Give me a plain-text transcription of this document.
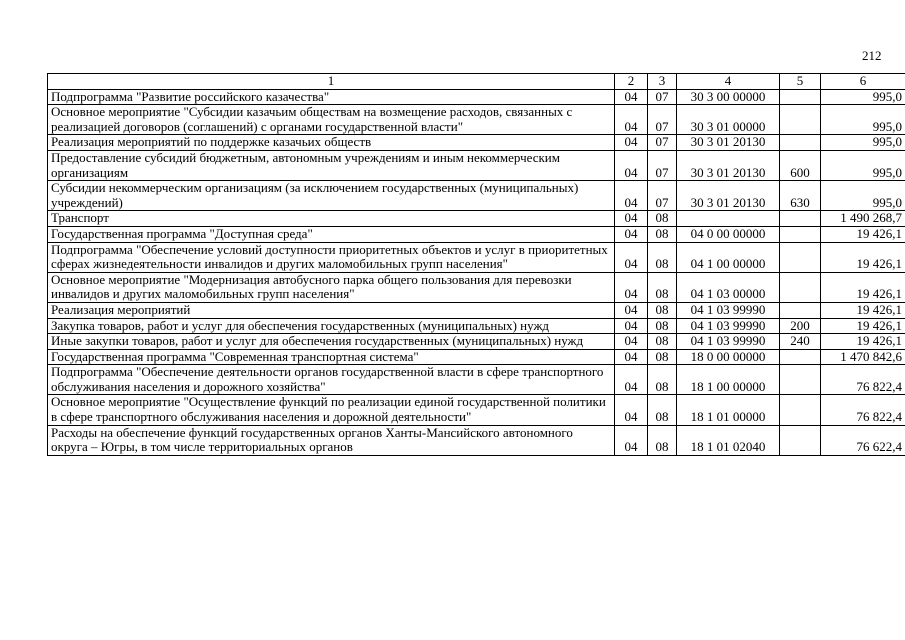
212
1	2	3	4	5	6
Подпрограмма "Развитие российского казачества"	04	07	30 3 00 00000		995,0
Основное мероприятие "Субсидии казачьим обществам на возмещение расходов, связанных с реализацией договоров (соглашений) с органами государственной власти"	04	07	30 3 01 00000		995,0
Реализация мероприятий по поддержке казачьих обществ	04	07	30 3 01 20130		995,0
Предоставление субсидий бюджетным, автономным учреждениям и иным некоммерческим организациям	04	07	30 3 01 20130	600	995,0
Субсидии некоммерческим организациям (за исключением государственных (муниципальных) учреждений)	04	07	30 3 01 20130	630	995,0
Транспорт	04	08			1 490 268,7
Государственная программа "Доступная среда"	04	08	04 0 00 00000		19 426,1
Подпрограмма "Обеспечение условий доступности приоритетных объектов и услуг в приоритетных сферах жизнедеятельности инвалидов и других маломобильных групп населения"	04	08	04 1 00 00000		19 426,1
Основное мероприятие "Модернизация автобусного парка общего пользования для перевозки инвалидов и других маломобильных групп населения"	04	08	04 1 03 00000		19 426,1
Реализация мероприятий	04	08	04 1 03 99990		19 426,1
Закупка товаров, работ и услуг для обеспечения государственных (муниципальных) нужд	04	08	04 1 03 99990	200	19 426,1
Иные закупки товаров, работ и услуг для обеспечения государственных (муниципальных) нужд	04	08	04 1 03 99990	240	19 426,1
Государственная программа "Современная транспортная система"	04	08	18 0 00 00000		1 470 842,6
Подпрограмма "Обеспечение деятельности органов государственной власти в сфере транспортного обслуживания населения и дорожного хозяйства"	04	08	18 1 00 00000		76 822,4
Основное мероприятие "Осуществление функций по реализации единой государственной политики в сфере транспортного обслуживания населения и дорожной деятельности"	04	08	18 1 01 00000		76 822,4
Расходы на обеспечение функций государственных органов Ханты-Мансийского автономного округа – Югры, в том числе территориальных органов	04	08	18 1 01 02040		76 622,4
